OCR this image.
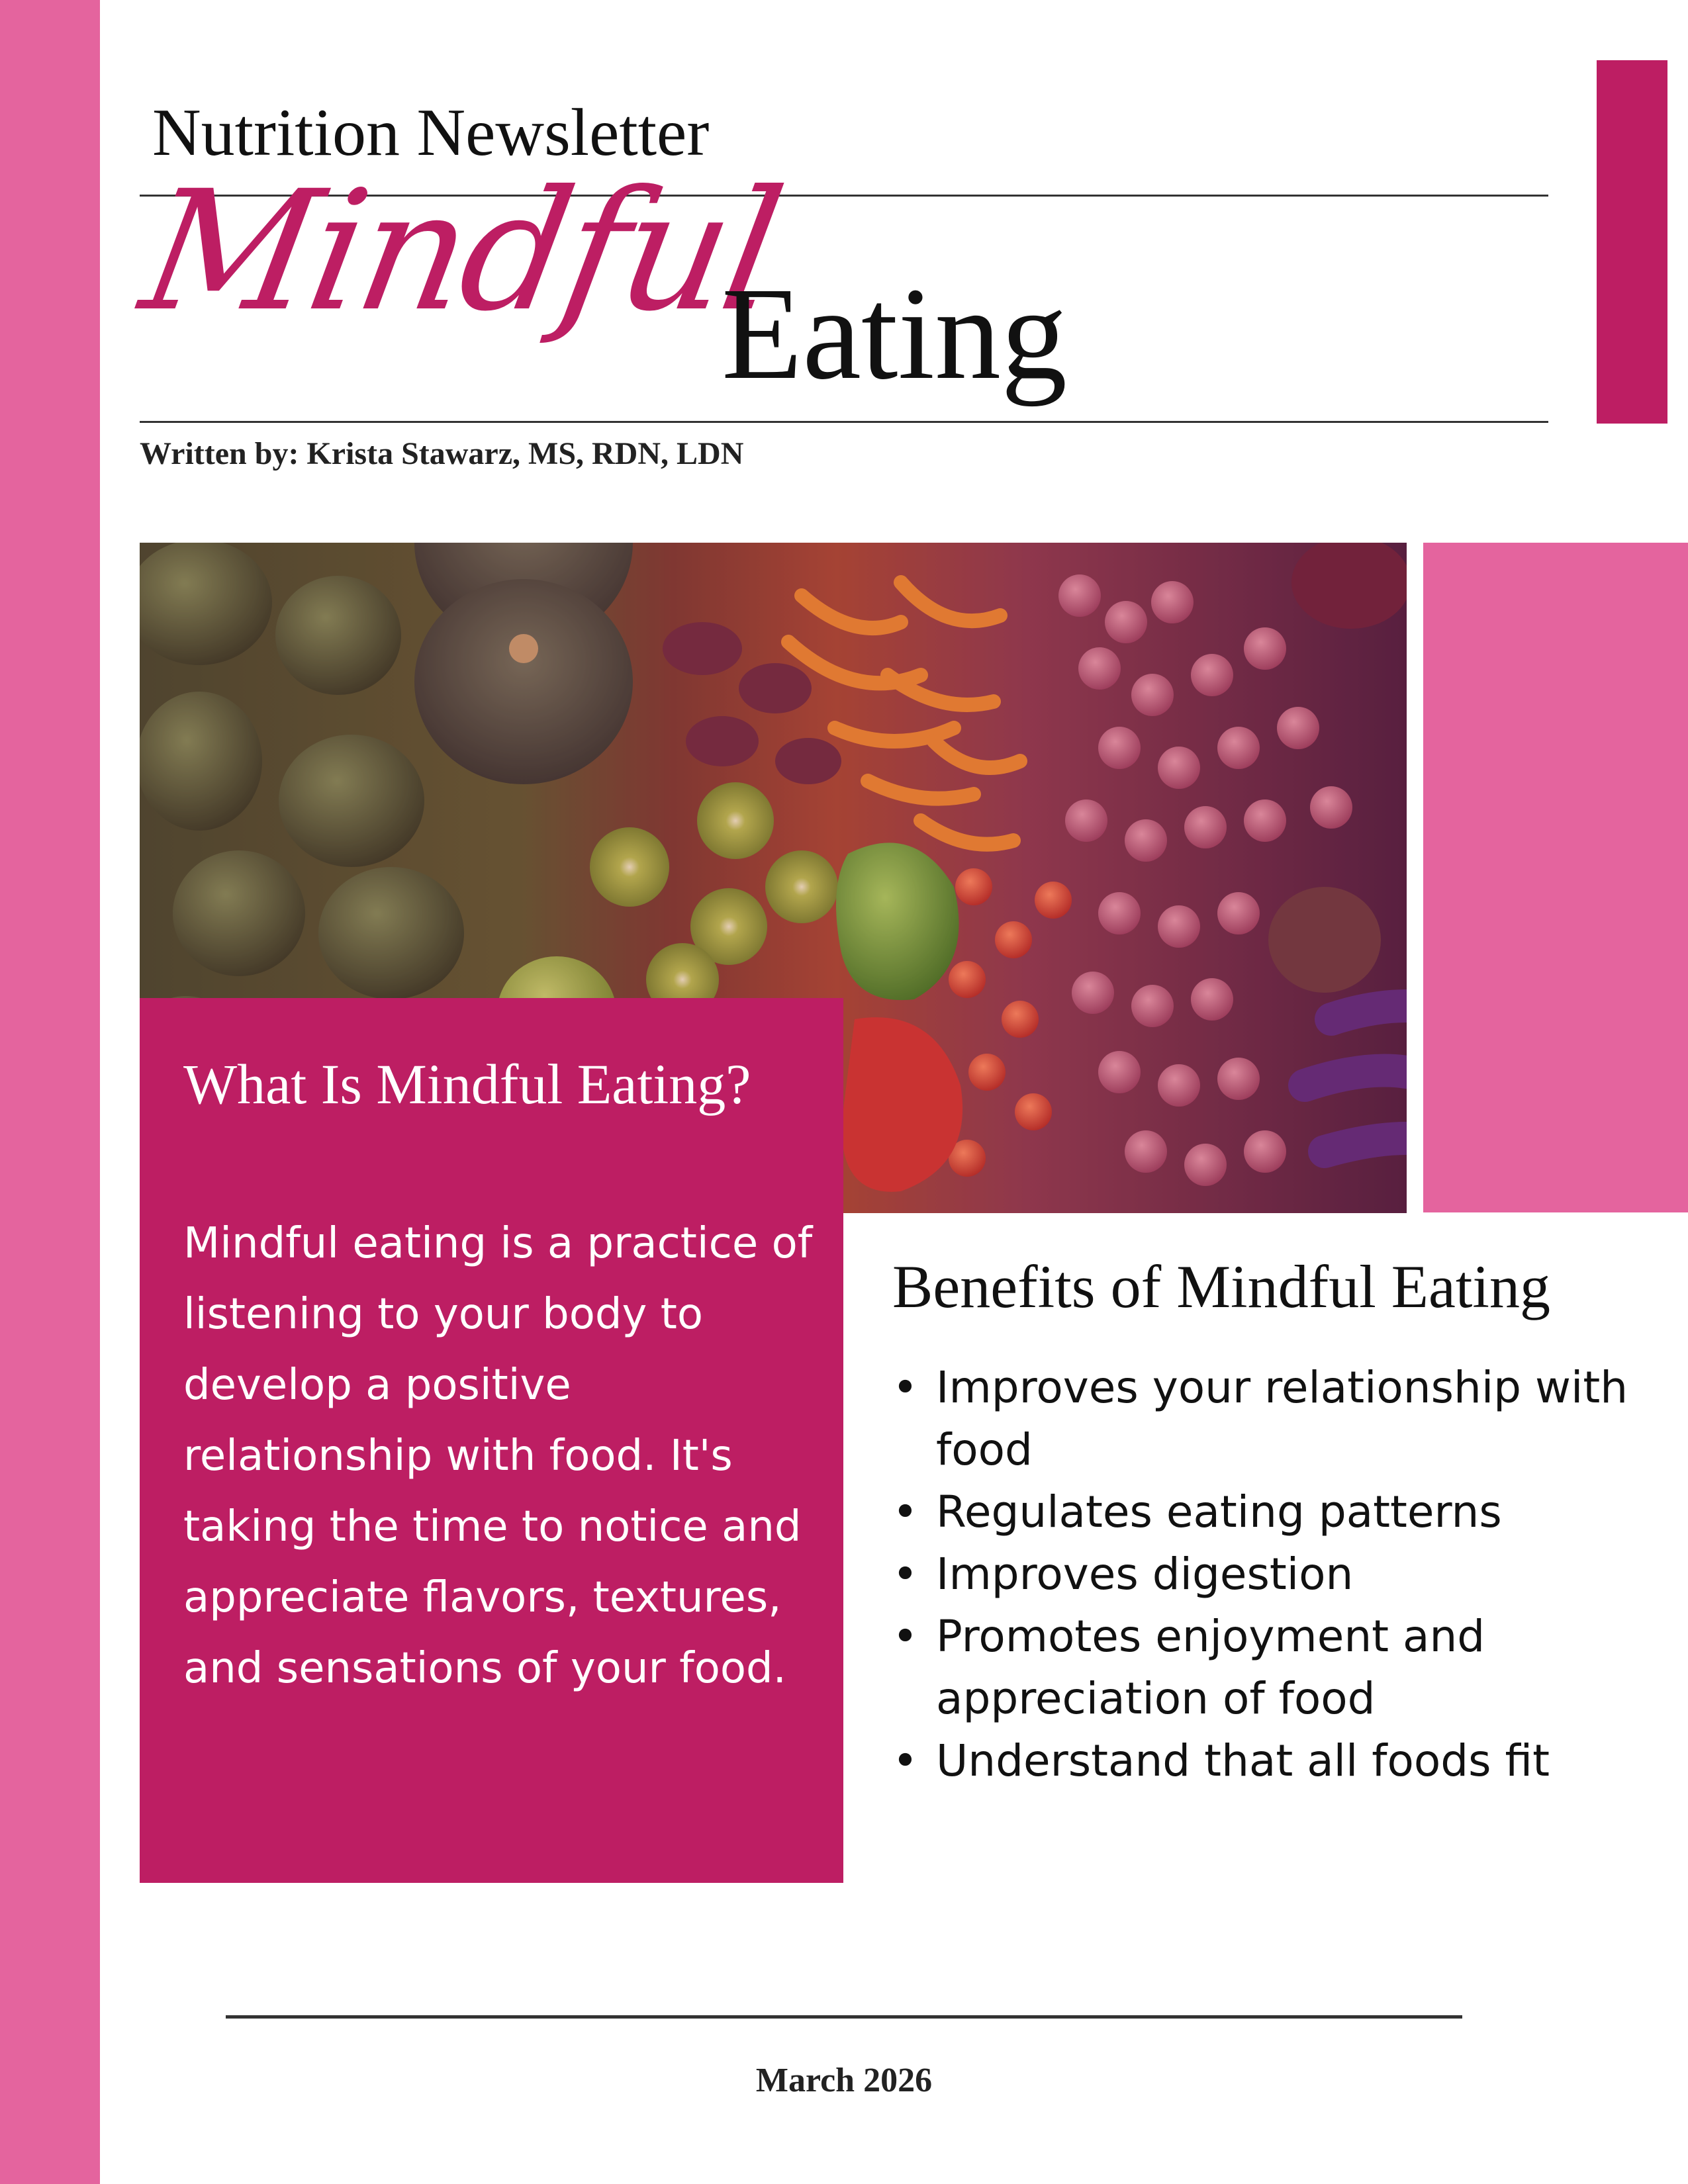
Nutrition Newsletter
Mindful
Eating
Written by: Krista Stawarz, MS, RDN, LDN
What Is Mindful Eating?
Mindful eating is a practice of listening to your body to develop a positive relationship with food. It's taking the time to notice and appreciate flavors, textures, and sensations of your food.
Benefits of Mindful Eating
• Improves your relationship with food
• Regulates eating patterns
• Improves digestion
• Promotes enjoyment and appreciation of food
• Understand that all foods fit
March 2026
